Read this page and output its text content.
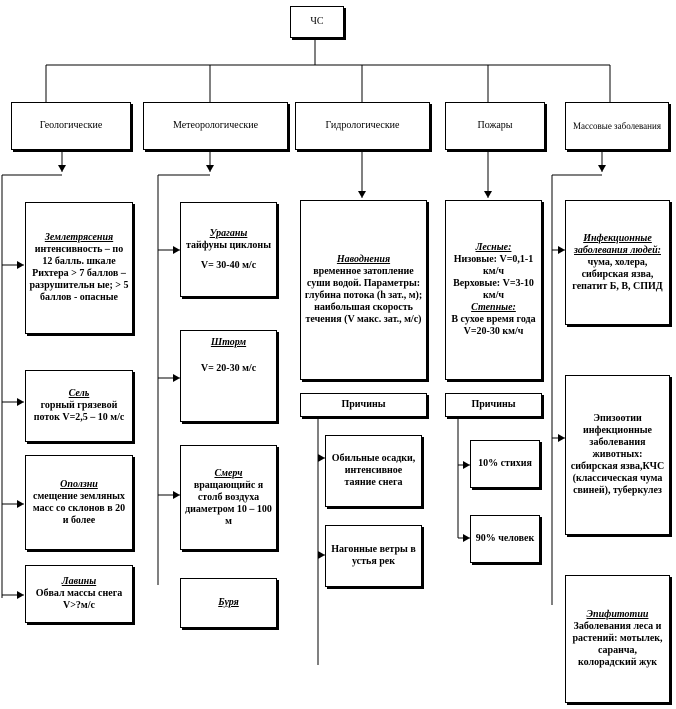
ЧС
Геологические	Метеорологические	Гидрологические	Пожары	Массовые заболевания
Землетрясения
интенсивность – по 12 балль. шкале Рихтера > 7 баллов – разрушительн ые; > 5 баллов - опасные
Сель
горный грязевой поток V=2,5 – 10 м/с
Оползни
смещение земляных масс со склонов в 20 и более
Лавины
Обвал массы снега V>?м/с
Ураганы
тайфуны циклоны
V= 30-40 м/с
Шторм
V= 20-30 м/с
Смерч
вращающийс я столб воздуха диаметром 10 – 100 м
Буря
Наводнения
временное затопление суши водой. Параметры: глубина потока (h зат., м); наибольшая скорость течения (V макс. зат., м/с)
Причины
Обильные осадки, интенсивное таяние снега
Нагонные ветры в устья рек
Лесные:
Низовые: V=0,1-1 км/ч
Верховые: V=3-10 км/ч
Степные:
В сухое время года V=20-30 км/ч
Причины
10% стихия
90% человек
Инфекционные заболевания людей:
чума, холера, сибирская язва, гепатит Б, В, СПИД
Эпизоотии инфекционные заболевания животных: сибирская язва,КЧС (классическая чума свиней), туберкулез
Эпифитотии
Заболевания леса и растений: мотылек, саранча, колорадский жук
